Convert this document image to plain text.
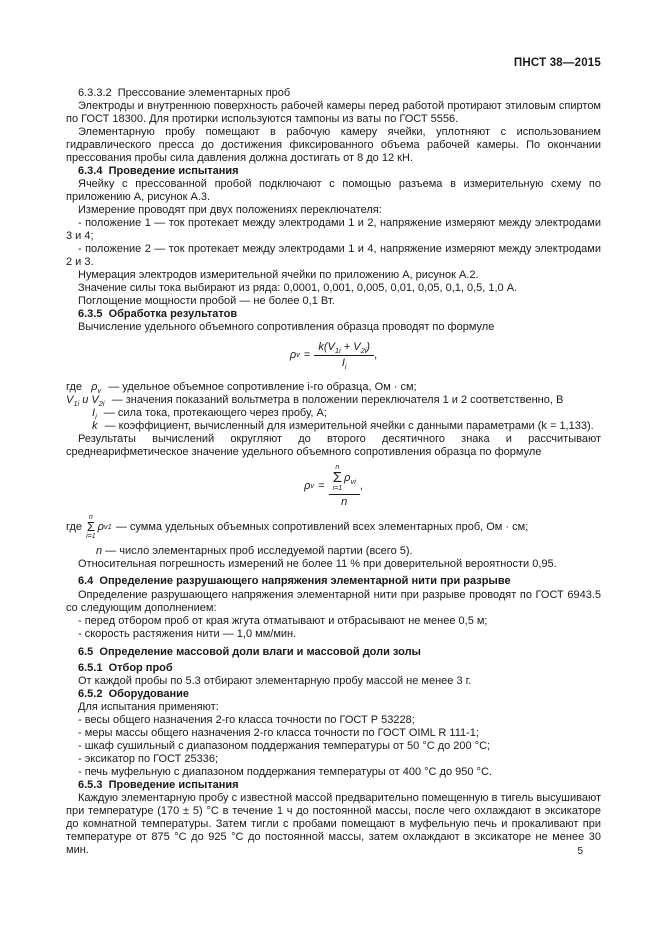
ПНСТ 38—2015

6.3.3.2  Прессование элементарных проб

Электроды и внутреннюю поверхность рабочей камеры перед работой протирают этиловым спиртом по ГОСТ 18300. Для протирки используются тампоны из ваты по ГОСТ 5556.

Элементарную пробу помещают в рабочую камеру ячейки, уплотняют с использованием гидравлического пресса до достижения фиксированного объема рабочей камеры. По окончании прессования пробы сила давления должна достигать от 8 до 12 кН.

6.3.4  Проведение испытания

Ячейку с прессованной пробой подключают с помощью разъема в измерительную схему по приложению А, рисунок А.3.

Измерение проводят при двух положениях переключателя:

- положение 1 — ток протекает между электродами 1 и 2, напряжение измеряют между электродами 3 и 4;

- положение 2 — ток протекает между электродами 1 и 4, напряжение измеряют между электродами 2 и 3.

Нумерация электродов измерительной ячейки по приложению А, рисунок А.2.

Значение силы тока выбирают из ряда: 0,0001, 0,001, 0,005, 0,01, 0,05, 0,1, 0,5, 1,0 А.

Поглощение мощности пробой — не более 0,1 Вт.

6.3.5  Обработка результатов

Вычисление удельного объемного сопротивления образца проводят по формуле

ρ $v = \frac{k(V_{1i} + V_{2i})}{I_i}$ ,
где $\rho_v$ — удельное объемное сопротивление i-го образца, Ом · см;
$V_{1i}$ и $V_{2i}$ — значения показаний вольтметра в положении переключателя 1 и 2 соответственно, В
$I_i$ — сила тока, протекающего через пробу, А;
k — коэффициент, вычисленный для измерительной ячейки с данными параметрами (k = 1,133).

Результаты вычислений округляют до второго десятичного знака и рассчитывают среднеарифметическое значение удельного объемного сопротивления образца по формуле

ρ v = n
Σ
i=1
$\rho_{vi}$
n ,
где
n
Σ
i=1
ρ v1 — сумма удельных объемных сопротивлений всех элементарных проб, Ом · см;
n — число элементарных проб исследуемой партии (всего 5).

Относительная погрешность измерений не более 11 % при доверительной вероятности 0,95.

6.4  Определение разрушающего напряжения элементарной нити при разрыве

Определение разрушающего напряжения элементарной нити при разрыве проводят по ГОСТ 6943.5 со следующим дополнением:

- перед отбором проб от края жгута отматывают и отбрасывают не менее 0,5 м;

- скорость растяжения нити — 1,0 мм/мин.

6.5  Определение массовой доли влаги и массовой доли золы

6.5.1  Отбор проб

От каждой пробы по 5.3 отбирают элементарную пробу массой не менее 3 г.

6.5.2  Оборудование

Для испытания применяют:

- весы общего назначения 2-го класса точности по ГОСТ Р 53228;

- меры массы общего назначения 2-го класса точности по ГОСТ OIML R 111-1;

- шкаф сушильный с диапазоном поддержания температуры от 50 °С до 200 °С;

- эксикатор по ГОСТ 25336;

- печь муфельную с диапазоном поддержания температуры от 400 °С до 950 °С.

6.5.3  Проведение испытания

Каждую элементарную пробу с известной массой предварительно помещенную в тигель высушивают при температуре (170 ± 5) °С в течение 1 ч до постоянной массы, после чего охлаждают в эксикаторе до комнатной температуры. Затем тигли с пробами помещают в муфельную печь и прокаливают при температуре от 875 °С до 925 °С до постоянной массы, затем охлаждают в эксикаторе не менее 30 мин.	5
